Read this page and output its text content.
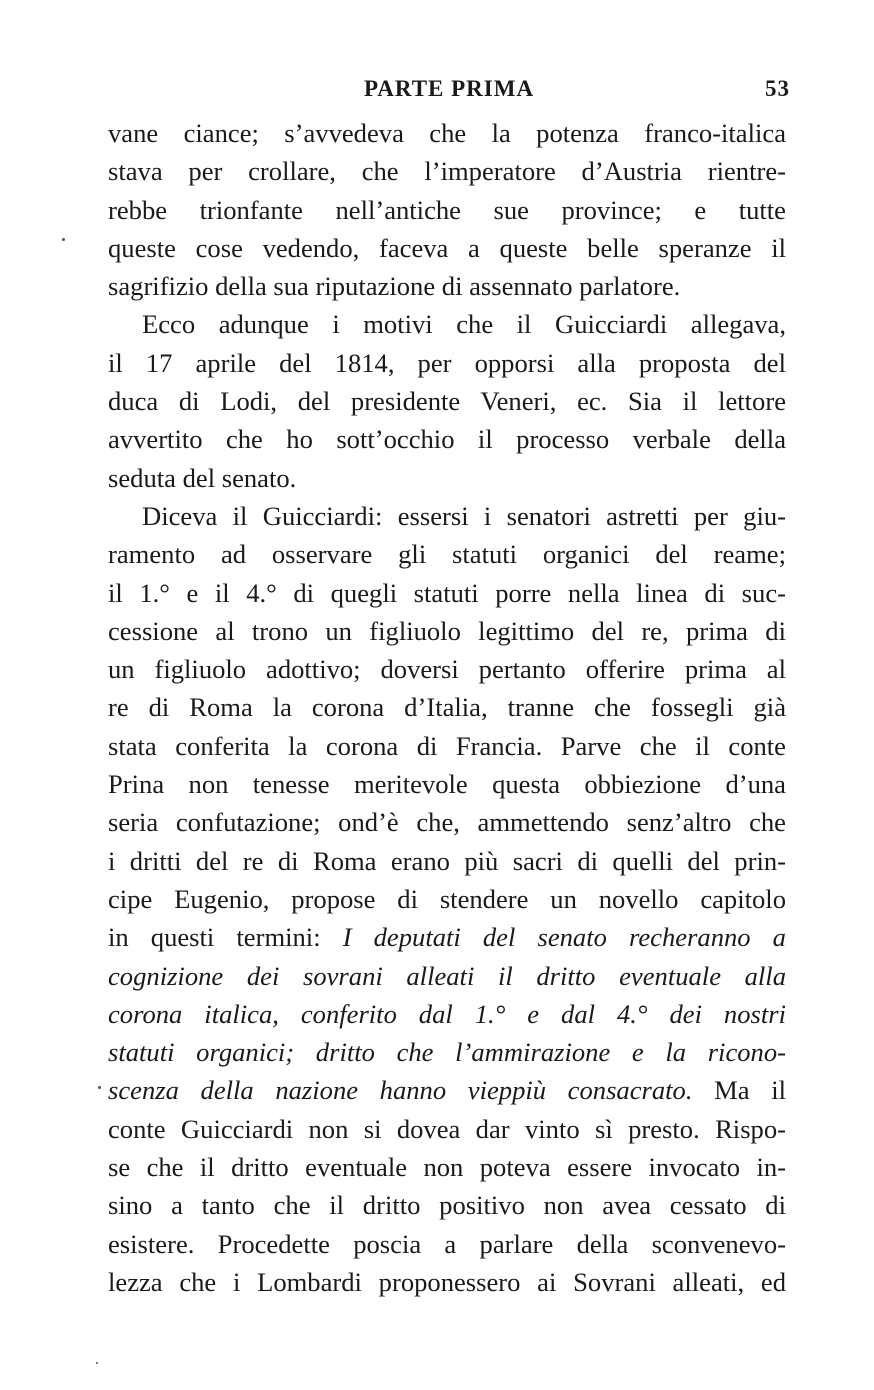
PARTE PRIMA	53
vane ciance; s’avvedeva che la potenza franco-italica
stava per crollare, che l’imperatore d’Austria rientre-
rebbe trionfante nell’antiche sue province; e tutte
queste cose vedendo, faceva a queste belle speranze il
sagrifizio della sua riputazione di assennato parlatore.
Ecco adunque i motivi che il Guicciardi allegava,
il 17 aprile del 1814, per opporsi alla proposta del
duca di Lodi, del presidente Veneri, ec. Sia il lettore
avvertito che ho sott’occhio il processo verbale della
seduta del senato.
Diceva il Guicciardi: essersi i senatori astretti per giu-
ramento ad osservare gli statuti organici del reame;
il 1.° e il 4.° di quegli statuti porre nella linea di suc-
cessione al trono un figliuolo legittimo del re, prima di
un figliuolo adottivo; doversi pertanto offerire prima al
re di Roma la corona d’Italia, tranne che fossegli già
stata conferita la corona di Francia. Parve che il conte
Prina non tenesse meritevole questa obbiezione d’una
seria confutazione; ond’è che, ammettendo senz’altro che
i dritti del re di Roma erano più sacri di quelli del prin-
cipe Eugenio, propose di stendere un novello capitolo
in questi termini: I deputati del senato recheranno a
cognizione dei sovrani alleati il dritto eventuale alla
corona italica, conferito dal 1.° e dal 4.° dei nostri
statuti organici; dritto che l’ammirazione e la ricono-
scenza della nazione hanno vieppiù consacrato. Ma il
conte Guicciardi non si dovea dar vinto sì presto. Rispo-
se che il dritto eventuale non poteva essere invocato in-
sino a tanto che il dritto positivo non avea cessato di
esistere. Procedette poscia a parlare della sconvenevo-
lezza che i Lombardi proponessero ai Sovrani alleati, ed
